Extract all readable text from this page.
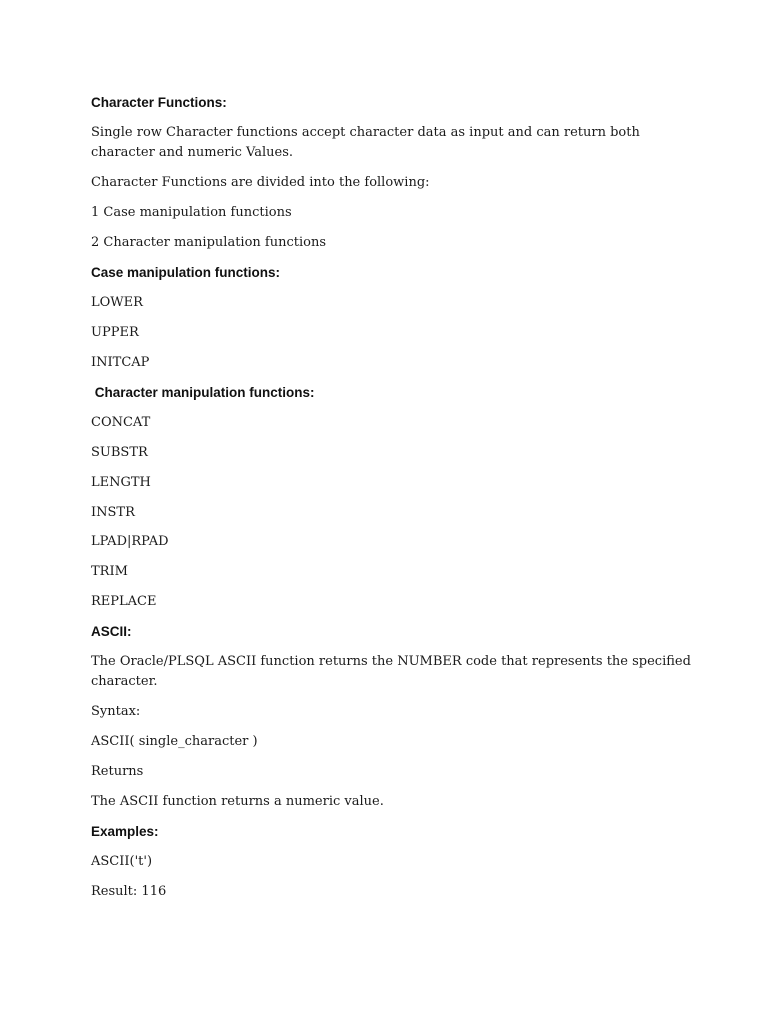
Character Functions:

Single row Character functions accept character data as input and can return both character and numeric Values.

Character Functions are divided into the following:

1 Case manipulation functions

2 Character manipulation functions

Case manipulation functions:

LOWER

UPPER

INITCAP

Character manipulation functions:

CONCAT

SUBSTR

LENGTH

INSTR

LPAD|RPAD

TRIM

REPLACE

ASCII:

The Oracle/PLSQL ASCII function returns the NUMBER code that represents the specified character.

Syntax:

ASCII( single_character )

Returns

The ASCII function returns a numeric value.

Examples:

ASCII('t')

Result: 116
